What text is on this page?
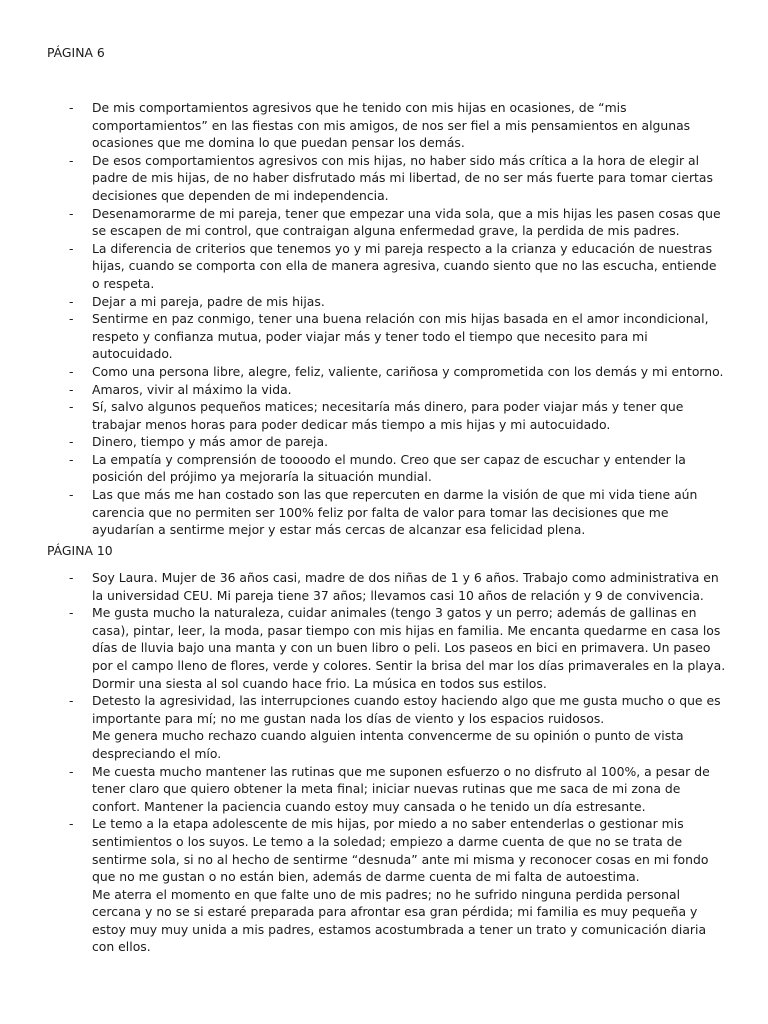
PÁGINA 6
- De mis comportamientos agresivos que he tenido con mis hijas en ocasiones, de “mis comportamientos” en las fiestas con mis amigos, de nos ser fiel a mis pensamientos en algunas ocasiones que me domina lo que puedan pensar los demás.
- De esos comportamientos agresivos con mis hijas, no haber sido más crítica a la hora de elegir al padre de mis hijas, de no haber disfrutado más mi libertad, de no ser más fuerte para tomar ciertas decisiones que dependen de mi independencia.
- Desenamorarme de mi pareja, tener que empezar una vida sola, que a mis hijas les pasen cosas que se escapen de mi control, que contraigan alguna enfermedad grave, la perdida de mis padres.
- La diferencia de criterios que tenemos yo y mi pareja respecto a la crianza y educación de nuestras hijas, cuando se comporta con ella de manera agresiva, cuando siento que no las escucha, entiende o respeta.
- Dejar a mi pareja, padre de mis hijas.
- Sentirme en paz conmigo, tener una buena relación con mis hijas basada en el amor incondicional, respeto y confianza mutua, poder viajar más y tener todo el tiempo que necesito para mi autocuidado.
- Como una persona libre, alegre, feliz, valiente, cariñosa y comprometida con los demás y mi entorno.
- Amaros, vivir al máximo la vida.
- Sí, salvo algunos pequeños matices; necesitaría más dinero, para poder viajar más y tener que trabajar menos horas para poder dedicar más tiempo a mis hijas y mi autocuidado.
- Dinero, tiempo y más amor de pareja.
- La empatía y comprensión de toooodo el mundo. Creo que ser capaz de escuchar y entender la posición del prójimo ya mejoraría la situación mundial.
- Las que más me han costado son las que repercuten en darme la visión de que mi vida tiene aún carencia que no permiten ser 100% feliz por falta de valor para tomar las decisiones que me ayudarían a sentirme mejor y estar más cercas de alcanzar esa felicidad plena.
PÁGINA 10
- Soy Laura. Mujer de 36 años casi, madre de dos niñas de 1 y 6 años. Trabajo como administrativa en la universidad CEU. Mi pareja tiene 37 años; llevamos casi 10 años de relación y 9 de convivencia.
- Me gusta mucho la naturaleza, cuidar animales (tengo 3 gatos y un perro; además de gallinas en casa), pintar, leer, la moda, pasar tiempo con mis hijas en familia. Me encanta quedarme en casa los días de lluvia bajo una manta y con un buen libro o peli. Los paseos en bici en primavera. Un paseo por el campo lleno de flores, verde y colores. Sentir la brisa del mar los días primaverales en la playa. Dormir una siesta al sol cuando hace frio. La música en todos sus estilos.
- Detesto la agresividad, las interrupciones cuando estoy haciendo algo que me gusta mucho o que es importante para mí; no me gustan nada los días de viento y los espacios ruidosos.
Me genera mucho rechazo cuando alguien intenta convencerme de su opinión o punto de vista despreciando el mío.
- Me cuesta mucho mantener las rutinas que me suponen esfuerzo o no disfruto al 100%, a pesar de tener claro que quiero obtener la meta final; iniciar nuevas rutinas que me saca de mi zona de confort. Mantener la paciencia cuando estoy muy cansada o he tenido un día estresante.
- Le temo a la etapa adolescente de mis hijas, por miedo a no saber entenderlas o gestionar mis sentimientos o los suyos. Le temo a la soledad; empiezo a darme cuenta de que no se trata de sentirme sola, si no al hecho de sentirme “desnuda” ante mi misma y reconocer cosas en mi fondo que no me gustan o no están bien, además de darme cuenta de mi falta de autoestima.
Me aterra el momento en que falte uno de mis padres; no he sufrido ninguna perdida personal cercana y no se si estaré preparada para afrontar esa gran pérdida; mi familia es muy pequeña y estoy muy muy unida a mis padres, estamos acostumbrada a tener un trato y comunicación diaria con ellos.
